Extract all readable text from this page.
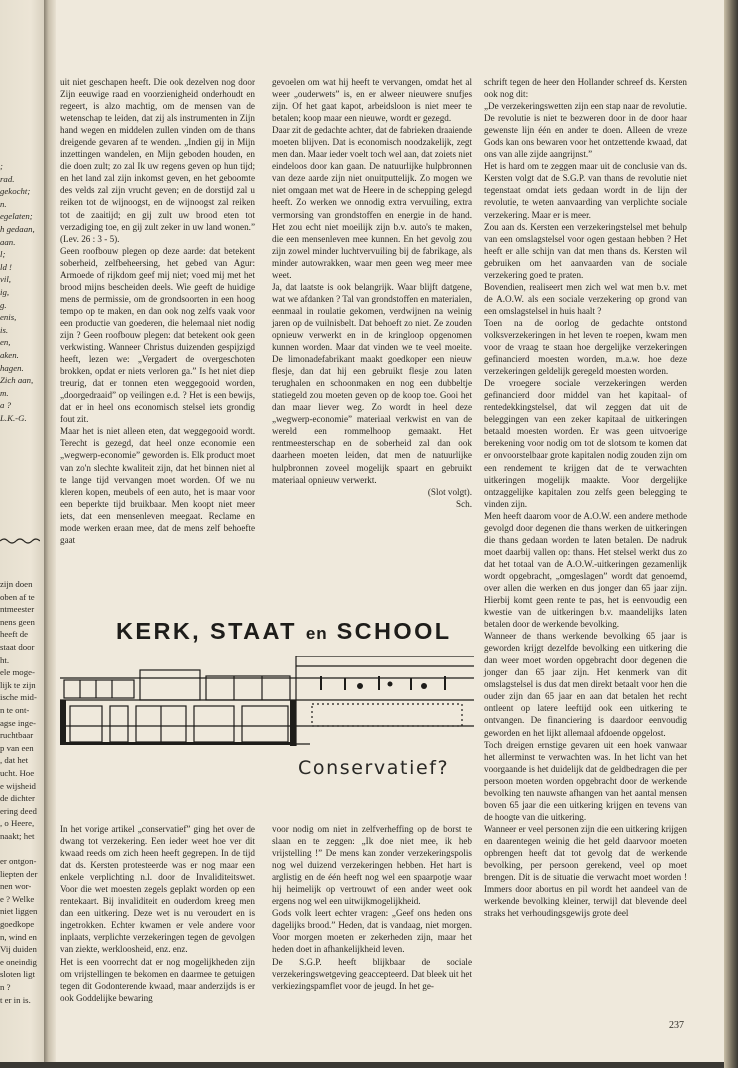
;
rad.
gekocht;
n.
egelaten;
h gedaan,
aan.
l;
ld !
vil,
ig,
g.
enis,
is.
en,
aken.
hagen.
Zich aan,
m.
a ?
L.K.-G.
zijn doen
oben af te
ntmeester
nens geen
heeft de
staat door
ht.
ele moge-
lijk te zijn
ische mid-
n te ont-
agse inge-
ruchtbaar
p van een
, dat het
ucht. Hoe
e wijsheid
de dichter
ering deed
, o Heere,
naakt; het

er ontgon-
liepten der
nen wor-
e ? Welke
niet liggen
goedkope
n, wind en
Vij duiden
e oneindig
sloten ligt
n ?
t er in is.

uit niet geschapen heeft. Die ook dezelven nog door Zijn eeuwige raad en voorzienigheid onderhoudt en regeert, is alzo machtig, om de mensen van de wetenschap te leiden, dat zij als instrumenten in Zijn hand wegen en middelen zullen vinden om de thans dreigende gevaren af te wenden. „Indien gij in Mijn inzettingen wandelen, en Mijn geboden houden, en die doen zult; zo zal Ik uw regens geven op hun tijd; en het land zal zijn inkomst geven, en het geboomte des velds zal zijn vrucht geven; en de dorstijd zal u reiken tot de wijnoogst, en de wijnoogst zal reiken tot de zaaitijd; en gij zult uw brood eten tot verzadiging toe, en gij zult zeker in uw land wonen.” (Lev. 26 : 3 - 5).

Geen roofbouw plegen op deze aarde: dat betekent soberheid, zelfbeheersing, het gebed van Agur: Armoede of rijkdom geef mij niet; voed mij met het brood mijns bescheiden deels. Wie geeft de huidige mens de permissie, om de grondsoorten in een hoog tempo op te maken, en dan ook nog zelfs vaak voor een productie van goederen, die helemaal niet nodig zijn ? Geen roofbouw plegen: dat betekent ook geen verkwisting. Wanneer Christus duizenden gespijzigd heeft, lezen we: „Vergadert de overgeschoten brokken, opdat er niets verloren ga.” Is het niet diep treurig, dat er tonnen eten weggegooid worden, „doorgedraaid” op veilingen e.d. ? Het is een bewijs, dat er in heel ons economisch stelsel iets grondig fout zit.

Maar het is niet alleen eten, dat weggegooid wordt. Terecht is gezegd, dat heel onze economie een „wegwerp-economie” geworden is. Elk product moet van zo'n slechte kwaliteit zijn, dat het binnen niet al te lange tijd vervangen moet worden. Of we nu kleren kopen, meubels of een auto, het is maar voor een beperkte tijd bruikbaar. Men koopt niet meer iets, dat een mensenleven meegaat. Reclame en mode werken eraan mee, dat de mens zelf behoefte gaat

gevoelen om wat hij heeft te vervangen, omdat het al weer „ouderwets” is, en er alweer nieuwere snufjes zijn. Of het gaat kapot, arbeidsloon is niet meer te betalen; koop maar een nieuwe, wordt er gezegd.

Daar zit de gedachte achter, dat de fabrieken draaiende moeten blijven. Dat is economisch noodzakelijk, zegt men dan. Maar ieder voelt toch wel aan, dat zoiets niet eindeloos door kan gaan. De natuurlijke hulpbronnen van deze aarde zijn niet onuitputtelijk. Zo mogen we niet omgaan met wat de Heere in de schepping gelegd heeft. Zo werken we onnodig extra vervuiling, extra vermorsing van grondstoffen en energie in de hand. Het zou echt niet moeilijk zijn b.v. auto's te maken, die een mensenleven mee kunnen. En het gevolg zou zijn zowel minder luchtvervuiling bij de fabrikage, als minder autowrakken, waar men geen weg meer mee weet.

Ja, dat laatste is ook belangrijk. Waar blijft datgene, wat we afdanken ? Tal van grondstoffen en materialen, eenmaal in roulatie gekomen, verdwijnen na weinig jaren op de vuilnisbelt. Dat behoeft zo niet. Ze zouden opnieuw verwerkt en in de kringloop opgenomen kunnen worden. Maar dat vinden we te veel moeite. De limonadefabrikant maakt goedkoper een nieuw flesje, dan dat hij een gebruikt flesje zou laten terughalen en schoonmaken en nog een dubbeltje statiegeld zou moeten geven op de koop toe. Gooi het dan maar liever weg. Zo wordt in heel deze „wegwerp-economie” materiaal verkwist en van de wereld een rommelhoop gemaakt. Het rentmeesterschap en de soberheid zal dan ook daarheen moeten leiden, dat men de natuurlijke hulpbronnen zoveel mogelijk spaart en gebruikt materiaal opnieuw verwerkt.

(Slot volgt).

Sch.

schrift tegen de heer den Hollander schreef ds. Kersten ook nog dit:

„De verzekeringswetten zijn een stap naar de revolutie. De revolutie is niet te bezweren door in de door haar gewenste lijn één en ander te doen. Alleen de vreze Gods kan ons bewaren voor het ontzettende kwaad, dat ons van alle zijde aangrijnst.”

Het is hard om te zeggen maar uit de conclusie van ds. Kersten volgt dat de S.G.P. van thans de revolutie niet tegenstaat omdat iets gedaan wordt in de lijn der revolutie, te weten aanvaarding van verplichte sociale verzekering. Maar er is meer.

Zou aan ds. Kersten een verzekeringstelsel met behulp van een omslagstelsel voor ogen gestaan hebben ? Het heeft er alle schijn van dat men thans ds. Kersten wil gebruiken om het aanvaarden van de sociale verzekering goed te praten.

Bovendien, realiseert men zich wel wat men b.v. met de A.O.W. als een sociale verzekering op grond van een omslagstelsel in huis haalt ?

Toen na de oorlog de gedachte ontstond volksverzekeringen in het leven te roepen, kwam men voor de vraag te staan hoe dergelijke verzekeringen gefinancierd moesten worden, m.a.w. hoe deze verzekeringen geldelijk geregeld moesten worden.

De vroegere sociale verzekeringen werden gefinancierd door middel van het kapitaal- of rentedekkingstelsel, dat wil zeggen dat uit de beleggingen van een zeker kapitaal de uitkeringen betaald moesten worden. Er was geen uitvoerige berekening voor nodig om tot de slotsom te komen dat er onvoorstelbaar grote kapitalen nodig zouden zijn om een rendement te krijgen dat de te verwachten uitkeringen mogelijk maakte. Voor dergelijke ontzaggelijke kapitalen zou zelfs geen belegging te vinden zijn.

Men heeft daarom voor de A.O.W. een andere methode gevolgd door degenen die thans werken de uitkeringen die thans gedaan worden te laten betalen. De nadruk moet daarbij vallen op: thans. Het stelsel werkt dus zo dat het totaal van de A.O.W.-uitkeringen gezamenlijk wordt opgebracht, „omgeslagen” wordt dat genoemd, over allen die werken en dus jonger dan 65 jaar zijn. Hierbij komt geen rente te pas, het is eenvoudig een kwestie van de uitkeringen b.v. maandelijks laten betalen door de werkende bevolking.

Wanneer de thans werkende bevolking 65 jaar is geworden krijgt dezelfde bevolking een uitkering die dan weer moet worden opgebracht door degenen die jonger dan 65 jaar zijn. Het kenmerk van dit omslagstelsel is dus dat men direkt betaalt voor hen die ouder zijn dan 65 jaar en aan dat betalen het recht ontleent op latere leeftijd ook een uitkering te ontvangen. De financiering is daardoor eenvoudig geworden en het lijkt allemaal afdoende opgelost.

Toch dreigen ernstige gevaren uit een hoek vanwaar het allerminst te verwachten was. In het licht van het voorgaande is het duidelijk dat de geldbedragen die per persoon moeten worden opgebracht door de werkende bevolking ten nauwste afhangen van het aantal mensen boven 65 jaar die een uitkering krijgen en tevens van de hoogte van die uitkering.

Wanneer er veel personen zijn die een uitkering krijgen en daarentegen weinig die het geld daarvoor moeten opbrengen heeft dat tot gevolg dat de werkende bevolking, per persoon gerekend, veel op moet brengen. Dit is de situatie die verwacht moet worden ! Immers door abortus en pil wordt het aandeel van de werkende bevolking kleiner, terwijl dat blevende deel straks het verhoudingsgewijs grote deel

KERK, STAAT en SCHOOL
Conservatief?

In het vorige artikel „conservatief” ging het over de dwang tot verzekering. Een ieder weet hoe ver dit kwaad reeds om zich heen heeft gegrepen. In de tijd dat ds. Kersten protesteerde was er nog maar een enkele verplichting n.l. door de Invaliditeitswet. Voor die wet moesten zegels geplakt worden op een rentekaart. Bij invaliditeit en ouderdom kreeg men dan een uitkering. Deze wet is nu veroudert en is ingetrokken. Echter kwamen er vele andere voor inplaats, verplichte verzekeringen tegen de gevolgen van ziekte, werkloosheid, enz. enz.

Het is een voorrecht dat er nog mogelijkheden zijn om vrijstellingen te bekomen en daarmee te getuigen tegen dit Godonterende kwaad, maar anderzijds is er ook Goddelijke bewaring

voor nodig om niet in zelfverheffing op de borst te slaan en te zeggen: „Ik doe niet mee, ik heb vrijstelling !” De mens kan zonder verzekeringspolis nog wel duizend verzekeringen hebben. Het hart is arglistig en de één heeft nog wel een spaarpotje waar hij heimelijk op vertrouwt of een ander weet ook ergens nog wel een uitwijkmogelijkheid.

Gods volk leert echter vragen: „Geef ons heden ons dagelijks brood.” Heden, dat is vandaag, niet morgen. Voor morgen moeten er zekerheden zijn, maar het heden doet in afhankelijkheid leven.

De S.G.P. heeft blijkbaar de sociale verzekeringswetgeving geaccepteerd. Dat bleek uit het verkiezingspamflet voor de jeugd. In het ge-

237
